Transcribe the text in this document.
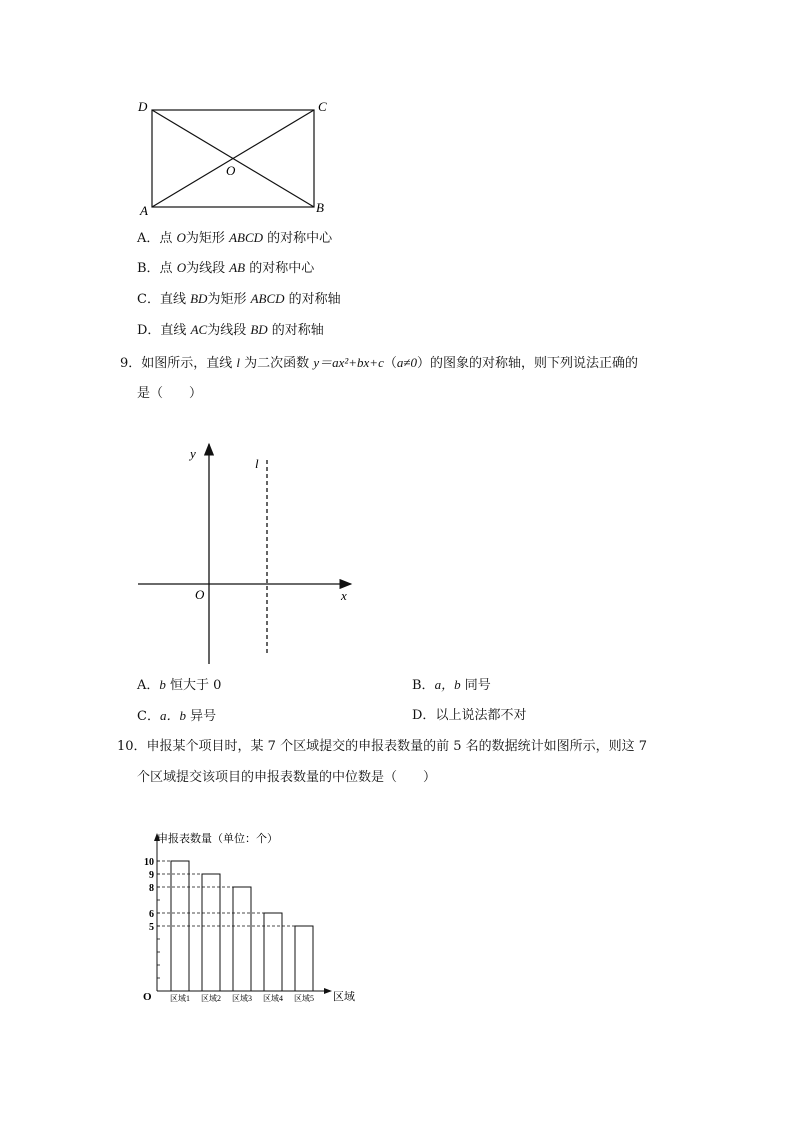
D	C
A	B
O
A．点 O为矩形 ABCD 的对称中心
B．点 O为线段 AB 的对称中心
C．直线 BD为矩形 ABCD 的对称轴
D．直线 AC为线段 BD 的对称轴
9．如图所示，直线 l 为二次函数 y＝ax²+bx+c（a≠0）的图象的对称轴，则下列说法正确的
是（　　）
y
l
x
O
A．b 恒大于 0	B．a，b 同号
C．a．b 异号	D．以上说法都不对
10．申报某个项目时，某 7 个区域提交的申报表数量的前 5 名的数据统计如图所示，则这 7
个区域提交该项目的申报表数量的中位数是（　　）
申报表数量（单位：个）
O	区域
10
区域1
9
区域2
8
区域3
6
区域4
5
区域5
